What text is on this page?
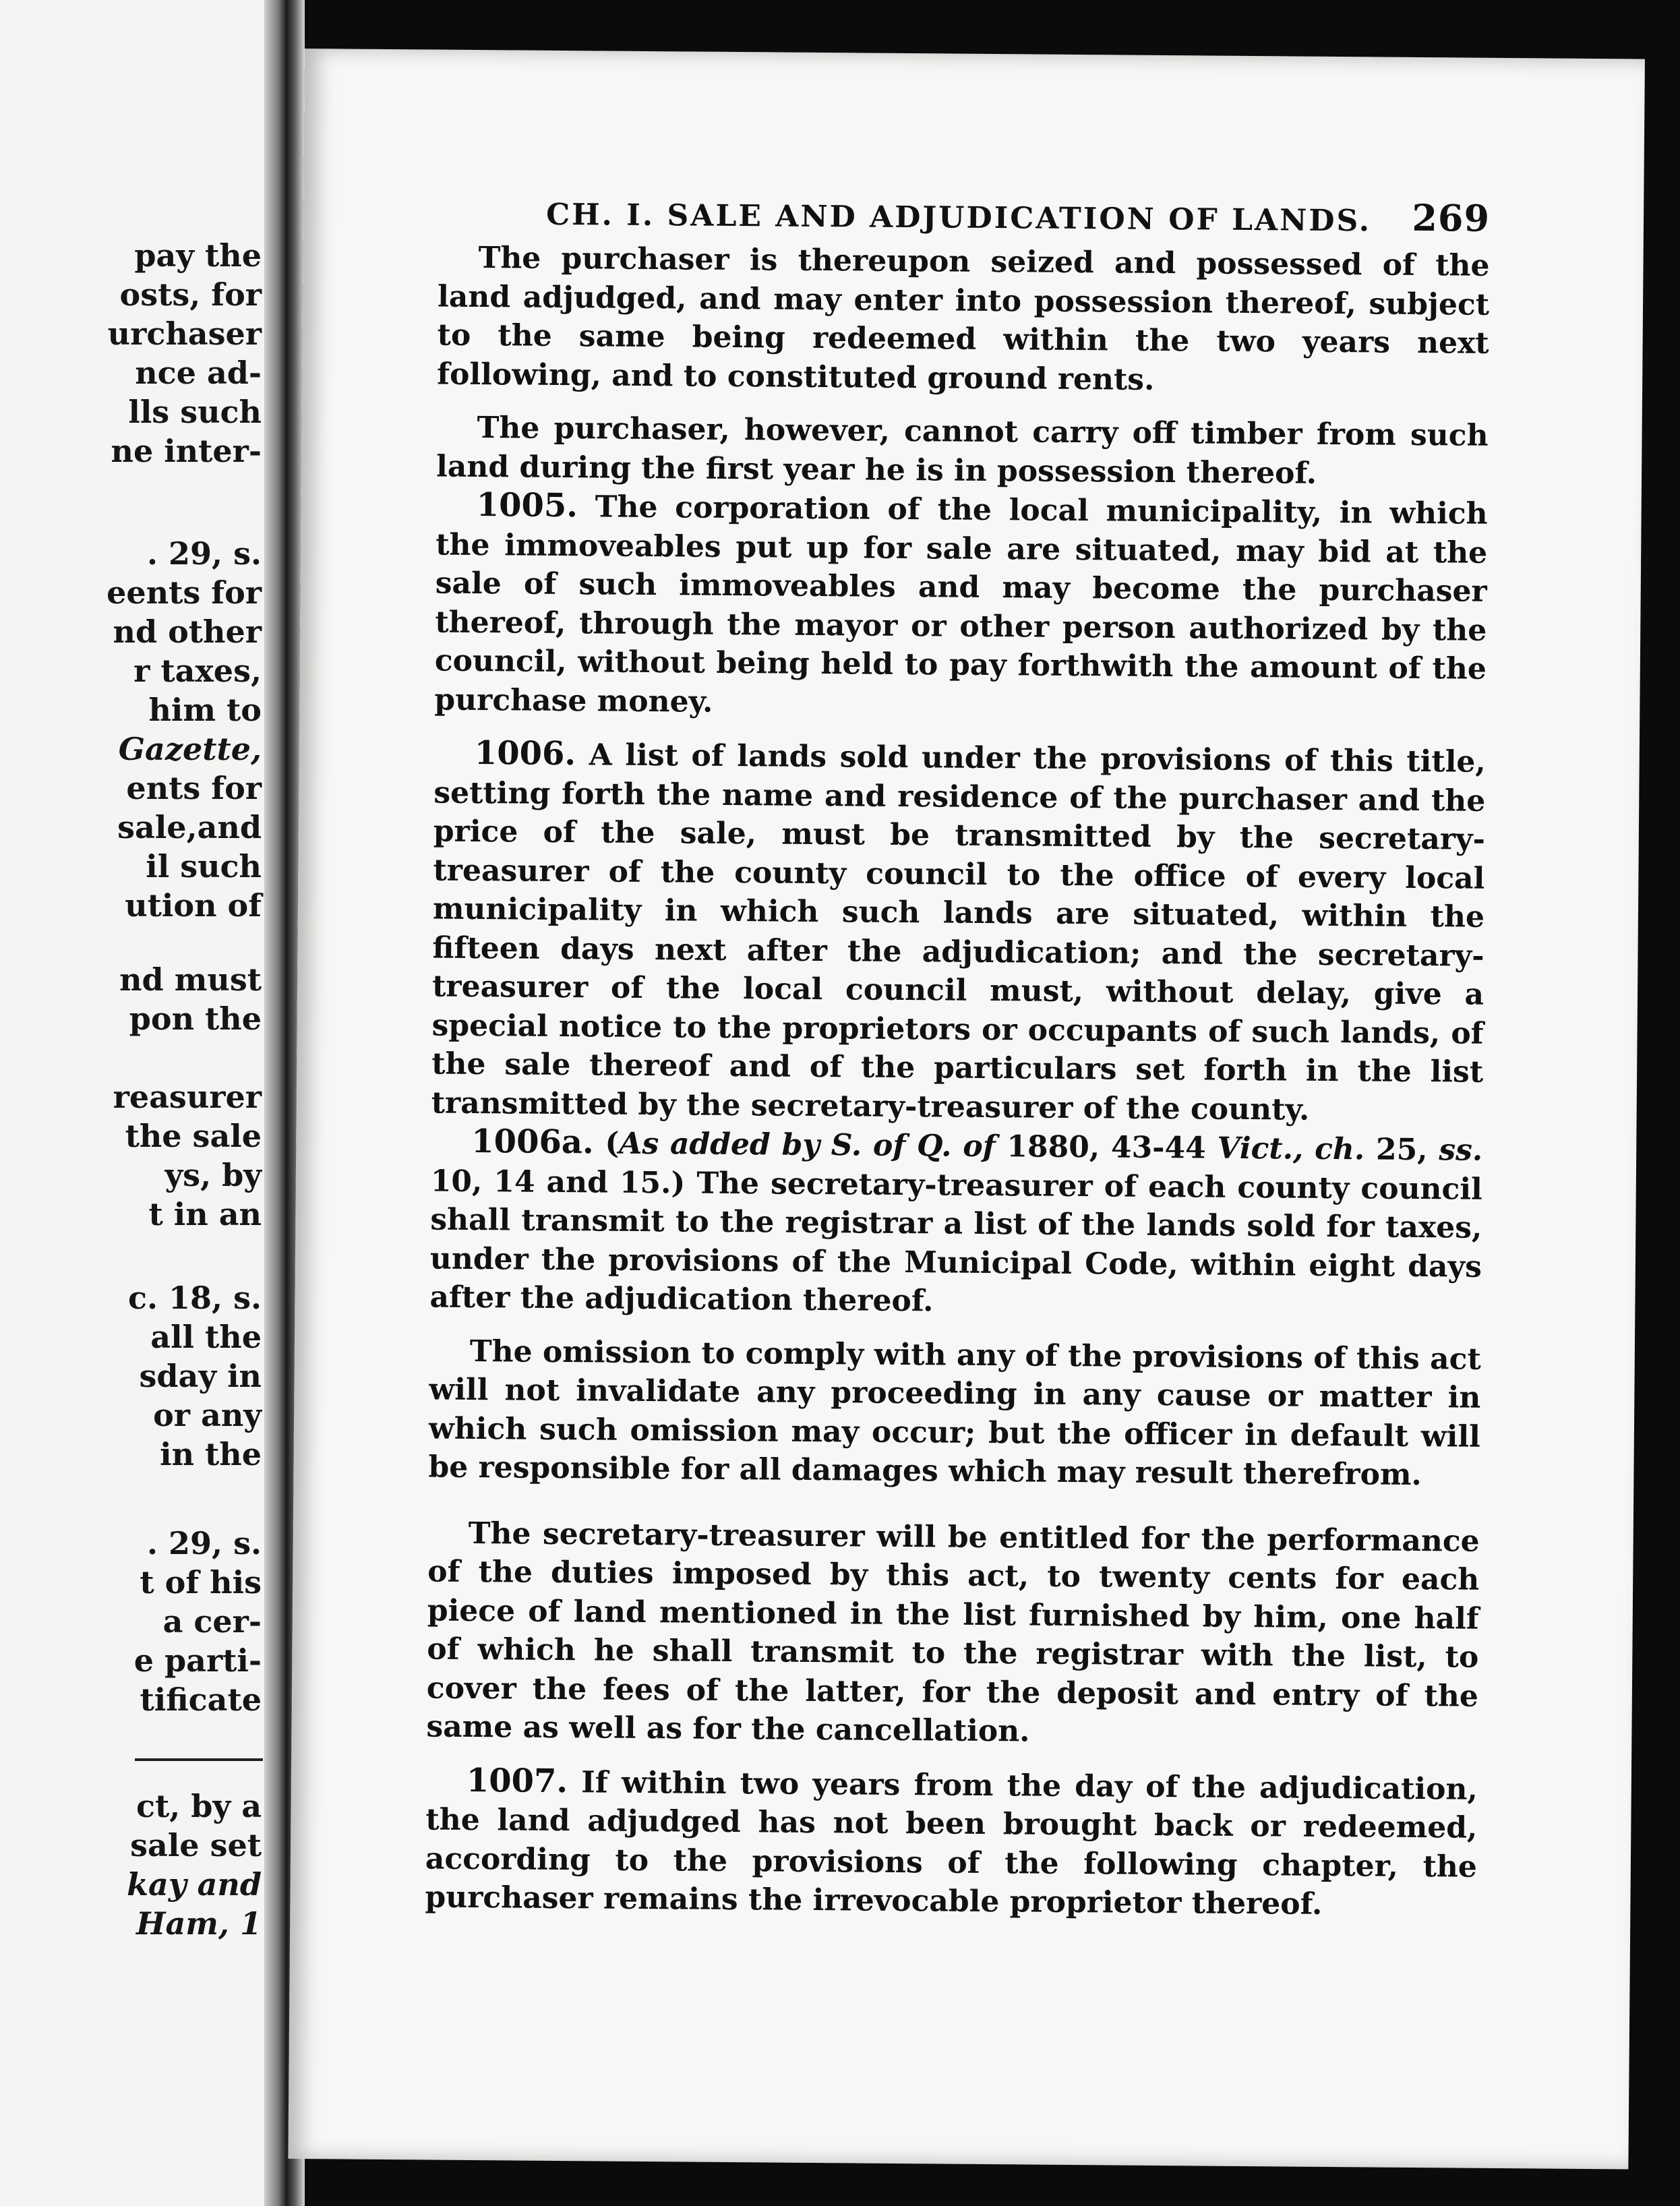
pay the
osts, for
urchaser
nce ad-
lls such
ne inter-
. 29, s.
eents for
nd other
r taxes,
him to
Gazette,
ents for
sale,and
il such
ution of
nd must
pon the
reasurer
the sale
ys, by
t in an
c. 18, s.
all the
sday in
or any
in the
. 29, s.
t of his
a cer-
e parti-
tificate
ct, by a
sale set
kay and
Ham, 1
CH. I. SALE AND ADJUDICATION OF LANDS. 269

The purchaser is thereupon seized and possessed of the land adjudged, and may enter into possession thereof, subject to the same being redeemed within the two years next following, and to constituted ground rents.

The purchaser, however, cannot carry off timber from such land during the first year he is in possession thereof.

1005. The corporation of the local municipality, in which the immoveables put up for sale are situated, may bid at the sale of such immoveables and may become the purchaser thereof, through the mayor or other person authorized by the council, without being held to pay forthwith the amount of the purchase money.

1006. A list of lands sold under the provisions of this title, setting forth the name and residence of the purchaser and the price of the sale, must be transmitted by the secretary-treasurer of the county council to the office of every local municipality in which such lands are situated, within the fifteen days next after the adjudication; and the secretary-treasurer of the local council must, without delay, give a special notice to the proprietors or occupants of such lands, of the sale thereof and of the particulars set forth in the list transmitted by the secretary-treasurer of the county.

1006a. (As added by S. of Q. of 1880, 43-44 Vict., ch. 25, ss. 10, 14 and 15.) The secretary-treasurer of each county council shall transmit to the registrar a list of the lands sold for taxes, under the provisions of the Municipal Code, within eight days after the adjudication thereof.

The omission to comply with any of the provisions of this act will not invalidate any proceeding in any cause or matter in which such omission may occur; but the officer in default will be responsible for all damages which may result therefrom.

The secretary-treasurer will be entitled for the performance of the duties imposed by this act, to twenty cents for each piece of land mentioned in the list furnished by him, one half of which he shall transmit to the registrar with the list, to cover the fees of the latter, for the deposit and entry of the same as well as for the cancellation.

1007. If within two years from the day of the adjudication, the land adjudged has not been brought back or redeemed, according to the provisions of the following chapter, the purchaser remains the irrevocable proprietor thereof.
